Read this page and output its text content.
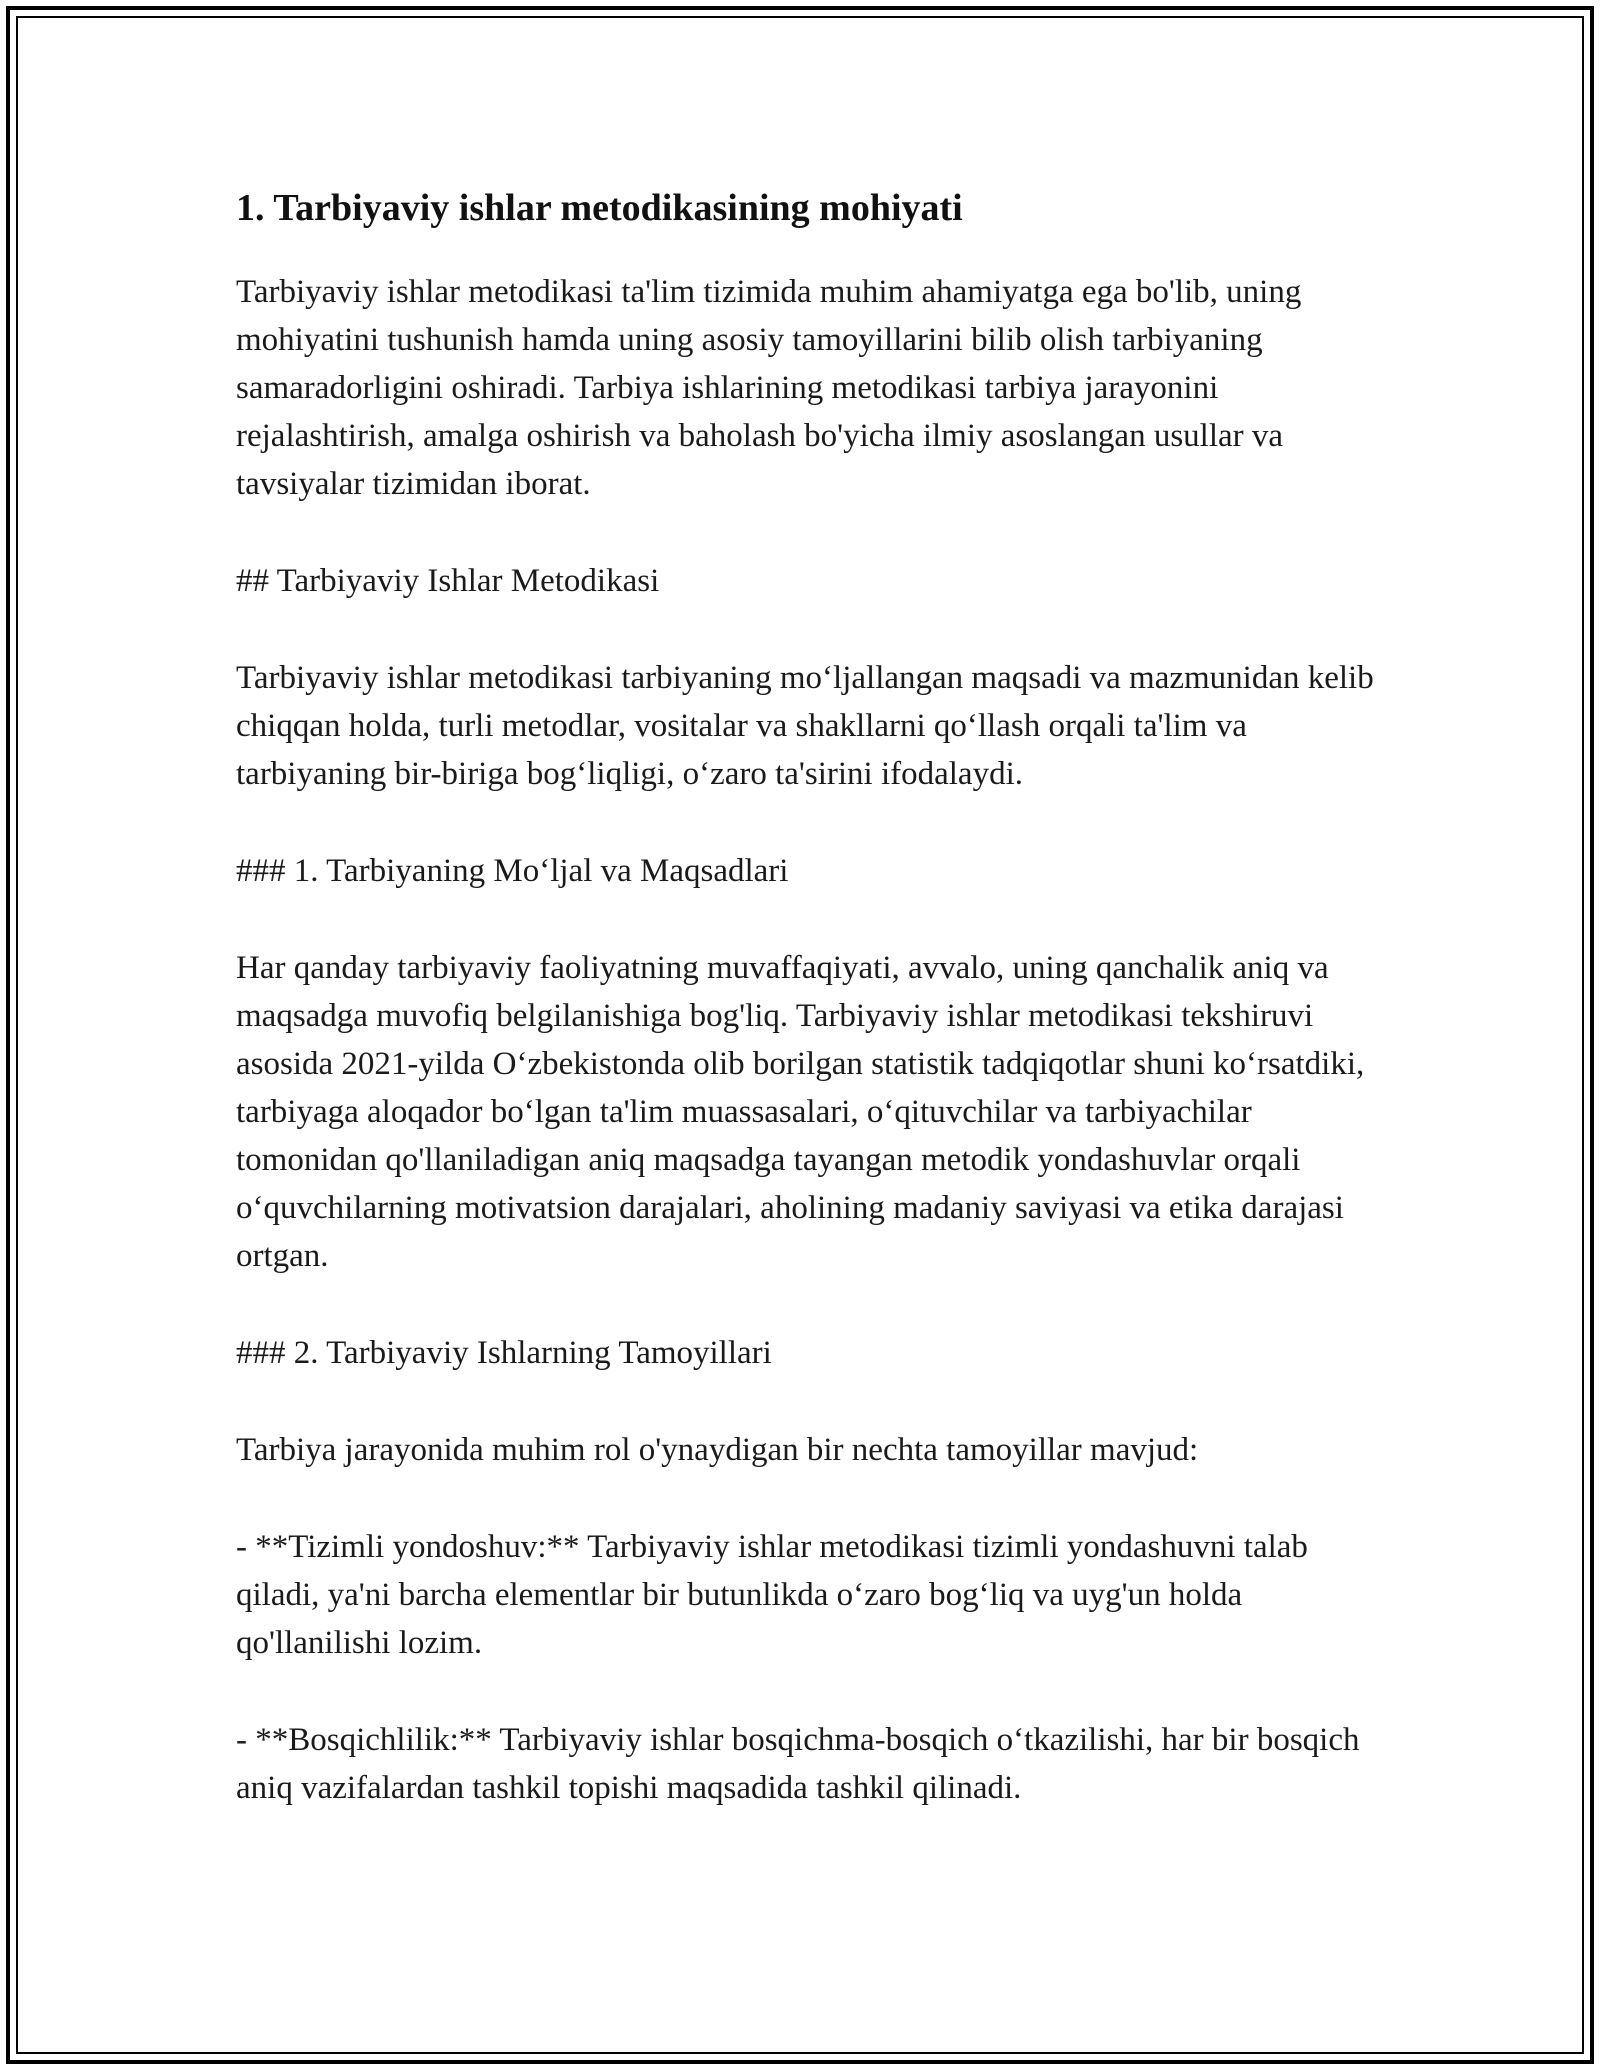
1. Tarbiyaviy ishlar metodikasining mohiyati

Tarbiyaviy ishlar metodikasi ta'lim tizimida muhim ahamiyatga ega bo'lib, uning mohiyatini tushunish hamda uning asosiy tamoyillarini bilib olish tarbiyaning samaradorligini oshiradi. Tarbiya ishlarining metodikasi tarbiya jarayonini rejalashtirish, amalga oshirish va baholash bo'yicha ilmiy asoslangan usullar va tavsiyalar tizimidan iborat.

## Tarbiyaviy Ishlar Metodikasi

Tarbiyaviy ishlar metodikasi tarbiyaning mo‘ljallangan maqsadi va mazmunidan kelib chiqqan holda, turli metodlar, vositalar va shakllarni qo‘llash orqali ta'lim va tarbiyaning bir-biriga bog‘liqligi, o‘zaro ta'sirini ifodalaydi.

### 1. Tarbiyaning Mo‘ljal va Maqsadlari

Har qanday tarbiyaviy faoliyatning muvaffaqiyati, avvalo, uning qanchalik aniq va maqsadga muvofiq belgilanishiga bog'liq. Tarbiyaviy ishlar metodikasi tekshiruvi asosida 2021-yilda O‘zbekistonda olib borilgan statistik tadqiqotlar shuni ko‘rsatdiki, tarbiyaga aloqador bo‘lgan ta'lim muassasalari, o‘qituvchilar va tarbiyachilar tomonidan qo'llaniladigan aniq maqsadga tayangan metodik yondashuvlar orqali o‘quvchilarning motivatsion darajalari, aholining madaniy saviyasi va etika darajasi ortgan.

### 2. Tarbiyaviy Ishlarning Tamoyillari

Tarbiya jarayonida muhim rol o'ynaydigan bir nechta tamoyillar mavjud:

- **Tizimli yondoshuv:** Tarbiyaviy ishlar metodikasi tizimli yondashuvni talab qiladi, ya'ni barcha elementlar bir butunlikda o‘zaro bog‘liq va uyg'un holda qo'llanilishi lozim.

- **Bosqichlilik:** Tarbiyaviy ishlar bosqichma-bosqich o‘tkazilishi, har bir bosqich aniq vazifalardan tashkil topishi maqsadida tashkil qilinadi.
